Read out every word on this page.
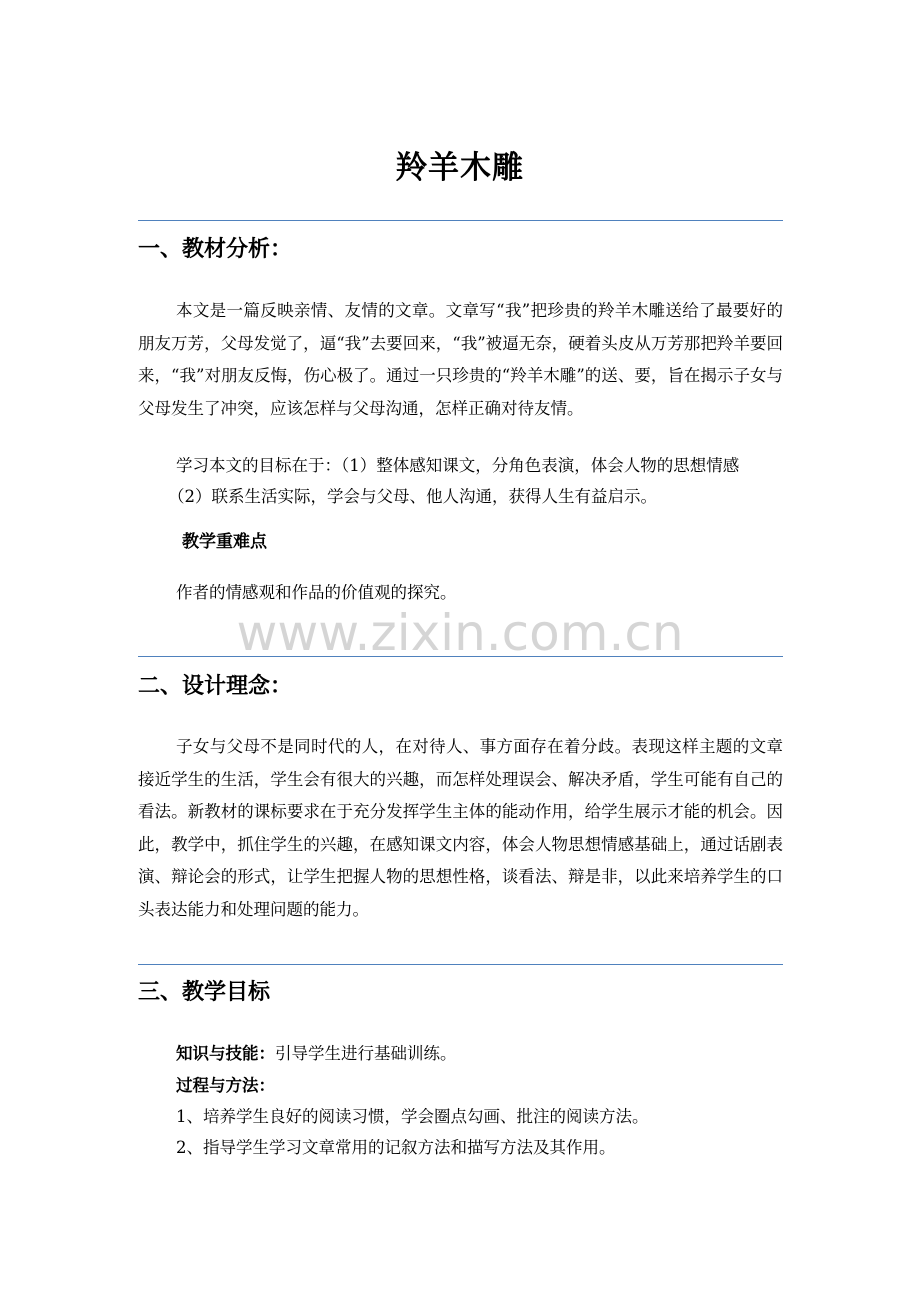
羚羊木雕
一、教材分析：

本文是一篇反映亲情、友情的文章。文章写“我”把珍贵的羚羊木雕送给了最要好的朋友万芳，父母发觉了，逼“我”去要回来，“我”被逼无奈，硬着头皮从万芳那把羚羊要回来，“我”对朋友反悔，伤心极了。通过一只珍贵的“羚羊木雕”的送、要，旨在揭示子女与父母发生了冲突，应该怎样与父母沟通，怎样正确对待友情。

学习本文的目标在于：（1）整体感知课文，分角色表演，体会人物的思想情感

（2）联系生活实际，学会与父母、他人沟通，获得人生有益启示。

教学重难点

作者的情感观和作品的价值观的探究。

www.zixin.com.cn
二、设计理念：

子女与父母不是同时代的人，在对待人、事方面存在着分歧。表现这样主题的文章接近学生的生活，学生会有很大的兴趣，而怎样处理误会、解决矛盾，学生可能有自己的看法。新教材的课标要求在于充分发挥学生主体的能动作用，给学生展示才能的机会。因此，教学中，抓住学生的兴趣，在感知课文内容，体会人物思想情感基础上，通过话剧表演、辩论会的形式，让学生把握人物的思想性格，谈看法、辩是非，以此来培养学生的口头表达能力和处理问题的能力。

三、教学目标

知识与技能：引导学生进行基础训练。

过程与方法：

1、培养学生良好的阅读习惯，学会圈点勾画、批注的阅读方法。

2、指导学生学习文章常用的记叙方法和描写方法及其作用。
